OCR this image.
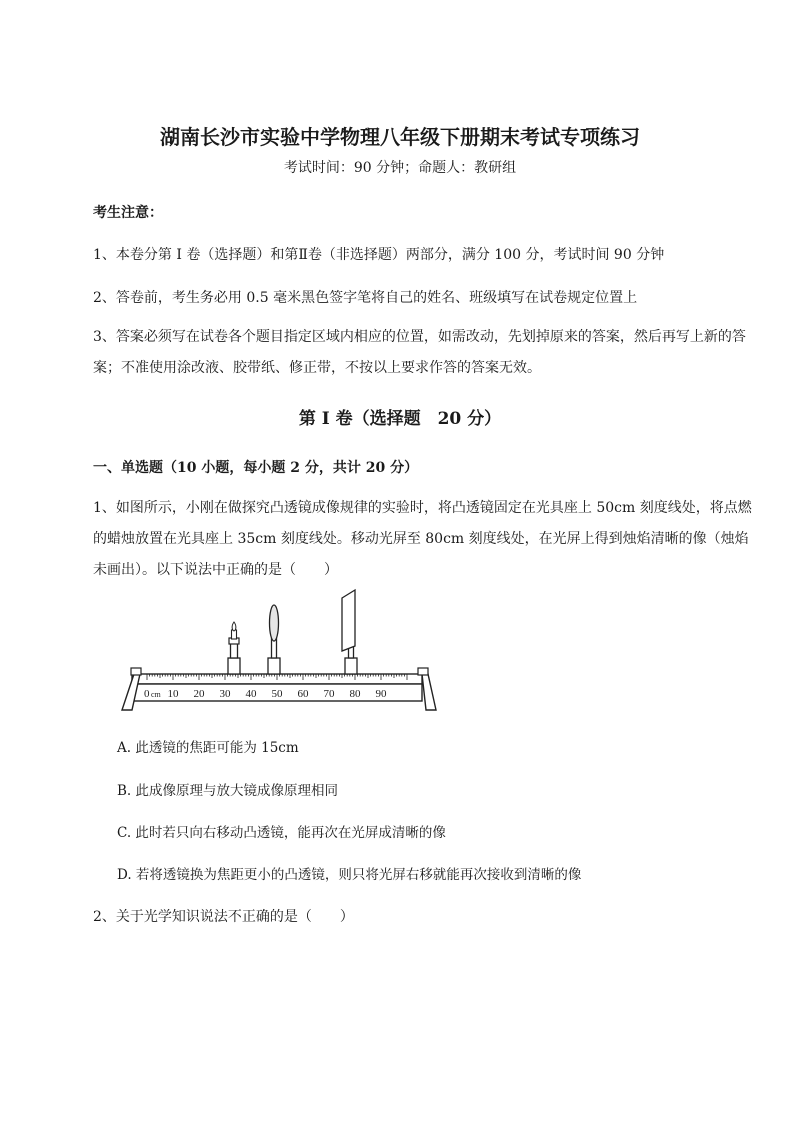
湖南长沙市实验中学物理八年级下册期末考试专项练习
考试时间：90 分钟；命题人：教研组
考生注意：
1、本卷分第 I 卷（选择题）和第Ⅱ卷（非选择题）两部分，满分 100 分，考试时间 90 分钟
2、答卷前，考生务必用 0.5 毫米黑色签字笔将自己的姓名、班级填写在试卷规定位置上
3、答案必须写在试卷各个题目指定区域内相应的位置，如需改动，先划掉原来的答案，然后再写上新的答案；不准使用涂改液、胶带纸、修正带，不按以上要求作答的答案无效。
第 I 卷（选择题　20 分）
一、单选题（10 小题，每小题 2 分，共计 20 分）
1、如图所示，小刚在做探究凸透镜成像规律的实验时，将凸透镜固定在光具座上 50cm 刻度线处，将点燃的蜡烛放置在光具座上 35cm 刻度线处。移动光屏至 80cm 刻度线处，在光屏上得到烛焰清晰的像（烛焰未画出）。以下说法中正确的是（　　）
0 cm 10 20 30 40 50 60 70 80 90
A. 此透镜的焦距可能为 15cm
B. 此成像原理与放大镜成像原理相同
C. 此时若只向右移动凸透镜，能再次在光屏成清晰的像
D. 若将透镜换为焦距更小的凸透镜，则只将光屏右移就能再次接收到清晰的像
2、关于光学知识说法不正确的是（　　）
